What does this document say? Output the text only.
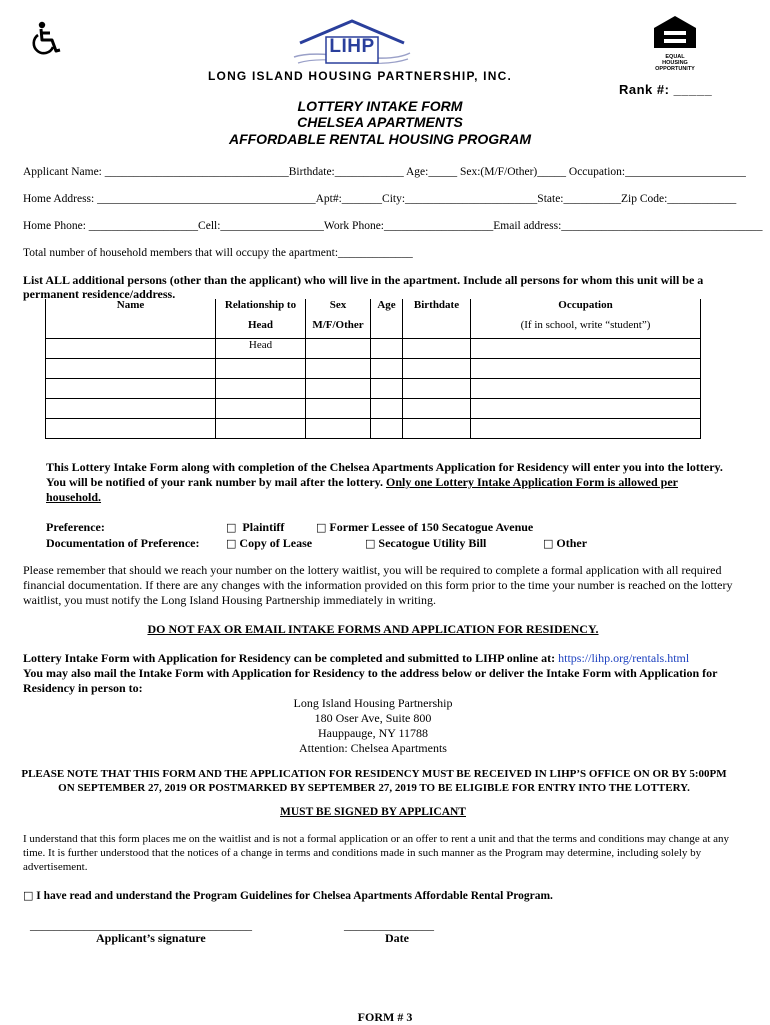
LIHP	EQUAL HOUSING OPPORTUNITY
LONG ISLAND HOUSING PARTNERSHIP, INC.
Rank #: _____
LOTTERY INTAKE FORM
CHELSEA APARTMENTS
AFFORDABLE RENTAL HOUSING PROGRAM
Applicant Name: ________________________________Birthdate:____________ Age:_____ Sex:(M/F/Other)_____ Occupation:_____________________
Home Address: ______________________________________Apt#:_______City:_______________________State:__________Zip Code:____________
Home Phone: ___________________Cell:__________________Work Phone:___________________Email address:___________________________________
Total number of household members that will occupy the apartment:_____________
List ALL additional persons (other than the applicant) who will live in the apartment. Include all persons for whom this unit will be a permanent residence/address.
Name	Relationship to	Sex	Age	Birthdate	Occupation
	Head	M/F/Other			(If in school, write “student”)
	Head				

This Lottery Intake Form along with completion of the Chelsea Apartments Application for Residency will enter you into the lottery. You will be notified of your rank number by mail after the lottery. Only one Lottery Intake Application Form is allowed per household.
Preference:	□ Plaintiff	□ Former Lessee of 150 Secatogue Avenue
Documentation of Preference: □ Copy of Lease	□ Secatogue Utility Bill	□ Other
Please remember that should we reach your number on the lottery waitlist, you will be required to complete a formal application with all required financial documentation. If there are any changes with the information provided on this form prior to the time your number is reached on the lottery waitlist, you must notify the Long Island Housing Partnership immediately in writing.
DO NOT FAX OR EMAIL INTAKE FORMS AND APPLICATION FOR RESIDENCY.
Lottery Intake Form with Application for Residency can be completed and submitted to LIHP online at: https://lihp.org/rentals.html
You may also mail the Intake Form with Application for Residency to the address below or deliver the Intake Form with Application for Residency in person to:
Long Island Housing Partnership
180 Oser Ave, Suite 800
Hauppauge, NY 11788
Attention: Chelsea Apartments
PLEASE NOTE THAT THIS FORM AND THE APPLICATION FOR RESIDENCY MUST BE RECEIVED IN LIHP’S OFFICE ON OR BY 5:00PM ON SEPTEMBER 27, 2019 OR POSTMARKED BY SEPTEMBER 27, 2019 TO BE ELIGIBLE FOR ENTRY INTO THE LOTTERY.
MUST BE SIGNED BY APPLICANT
I understand that this form places me on the waitlist and is not a formal application or an offer to rent a unit and that the terms and conditions may change at any time. It is further understood that the notices of a change in terms and conditions made in such manner as the Program may determine, including solely by advertisement.
□ I have read and understand the Program Guidelines for Chelsea Apartments Affordable Rental Program.
_____________________________________	_______________
Applicant’s signature	Date
FORM # 3
